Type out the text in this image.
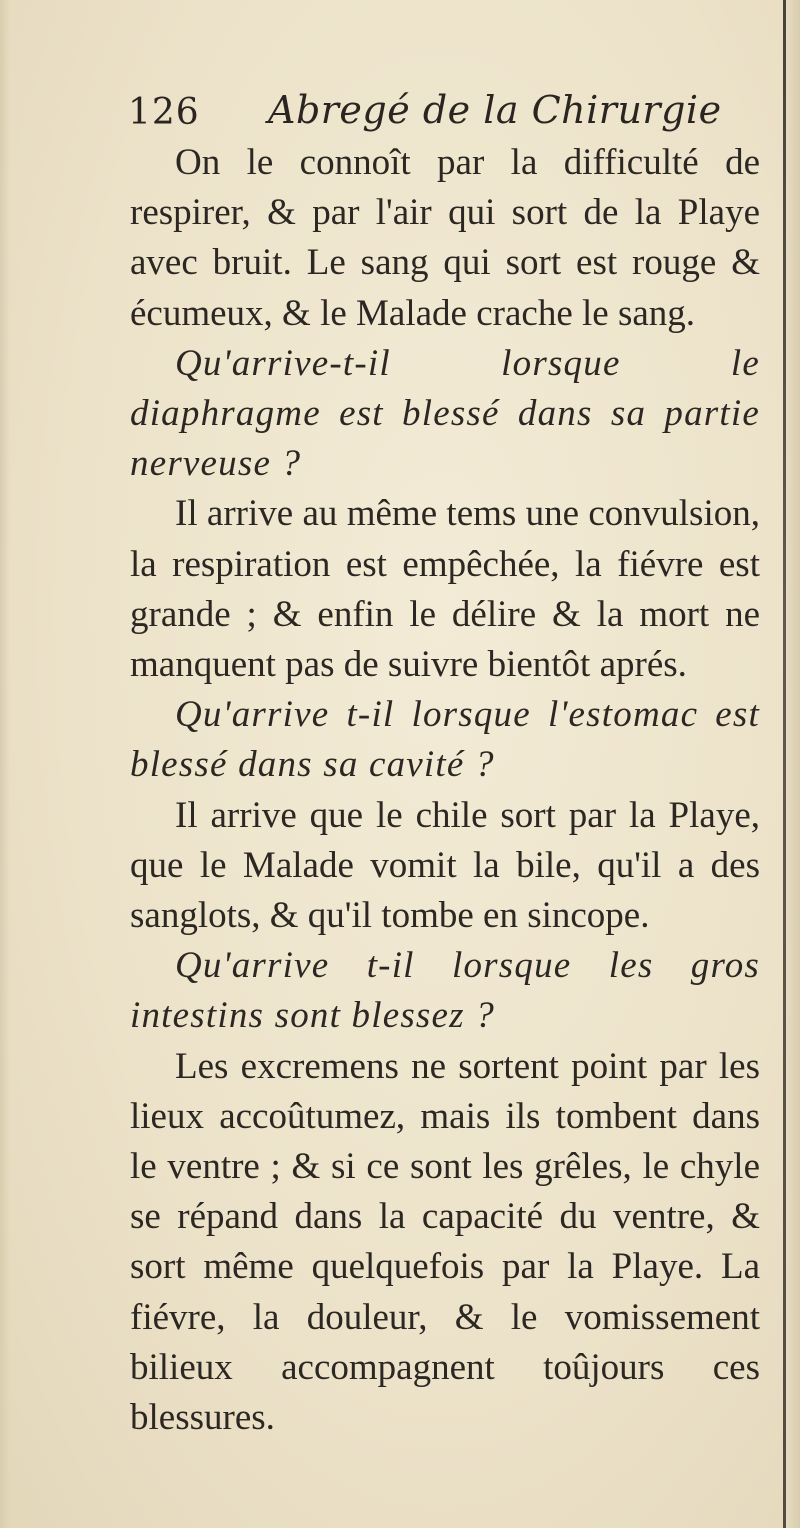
126 Abregé de la Chirurgie

On le connoît par la difficulté de respirer, & par l'air qui sort de la Playe avec bruit. Le sang qui sort est rouge & écumeux, & le Malade crache le sang.

Qu'arrive-t-il lorsque le diaphragme est blessé dans sa partie nerveuse ?

Il arrive au même tems une convulsion, la respiration est empêchée, la fiévre est grande ; & enfin le délire & la mort ne manquent pas de suivre bientôt aprés.

Qu'arrive t-il lorsque l'estomac est blessé dans sa cavité ?

Il arrive que le chile sort par la Playe, que le Malade vomit la bile, qu'il a des sanglots, & qu'il tombe en sincope.

Qu'arrive t-il lorsque les gros intestins sont blessez ?

Les excremens ne sortent point par les lieux accoûtumez, mais ils tombent dans le ventre ; & si ce sont les grêles, le chyle se répand dans la capacité du ventre, & sort même quelquefois par la Playe. La fiévre, la douleur, & le vomissement bilieux accompagnent toûjours ces blessures.
